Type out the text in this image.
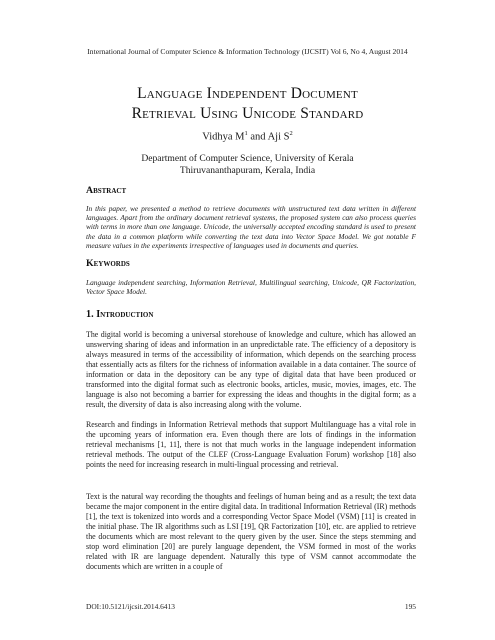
International Journal of Computer Science & Information Technology (IJCSIT) Vol 6, No 4, August 2014
Language Independent Document
Retrieval Using Unicode Standard
Vidhya $M^1$ and Aji $S^2$
Department of Computer Science, University of Kerala
Thiruvananthapuram, Kerala, India
Abstract
In this paper, we presented a method to retrieve documents with unstructured text data written in different languages. Apart from the ordinary document retrieval systems, the proposed system can also process queries with terms in more than one language. Unicode, the universally accepted encoding standard is used to present the data in a common platform while converting the text data into Vector Space Model. We got notable F measure values in the experiments irrespective of languages used in documents and queries.
Keywords
Language independent searching, Information Retrieval, Multilingual searching, Unicode, QR Factorization, Vector Space Model.
1. Introduction
The digital world is becoming a universal storehouse of knowledge and culture, which has allowed an unswerving sharing of ideas and information in an unpredictable rate. The efficiency of a depository is always measured in terms of the accessibility of information, which depends on the searching process that essentially acts as filters for the richness of information available in a data container. The source of information or data in the depository can be any type of digital data that have been produced or transformed into the digital format such as electronic books, articles, music, movies, images, etc. The language is also not becoming a barrier for expressing the ideas and thoughts in the digital form; as a result, the diversity of data is also increasing along with the volume.
Research and findings in Information Retrieval methods that support Multilanguage has a vital role in the upcoming years of information era. Even though there are lots of findings in the information retrieval mechanisms [1, 11], there is not that much works in the language independent information retrieval methods. The output of the CLEF (Cross-Language Evaluation Forum) workshop [18] also points the need for increasing research in multi-lingual processing and retrieval.
Text is the natural way recording the thoughts and feelings of human being and as a result; the text data became the major component in the entire digital data. In traditional Information Retrieval (IR) methods [1], the text is tokenized into words and a corresponding Vector Space Model (VSM) [11] is created in the initial phase. The IR algorithms such as LSI [19], QR Factorization [10], etc. are applied to retrieve the documents which are most relevant to the query given by the user. Since the steps stemming and stop word elimination [20] are purely language dependent, the VSM formed in most of the works related with IR are language dependent. Naturally this type of VSM cannot accommodate the documents which are written in a couple of
DOI:10.5121/ijcsit.2014.6413	195
